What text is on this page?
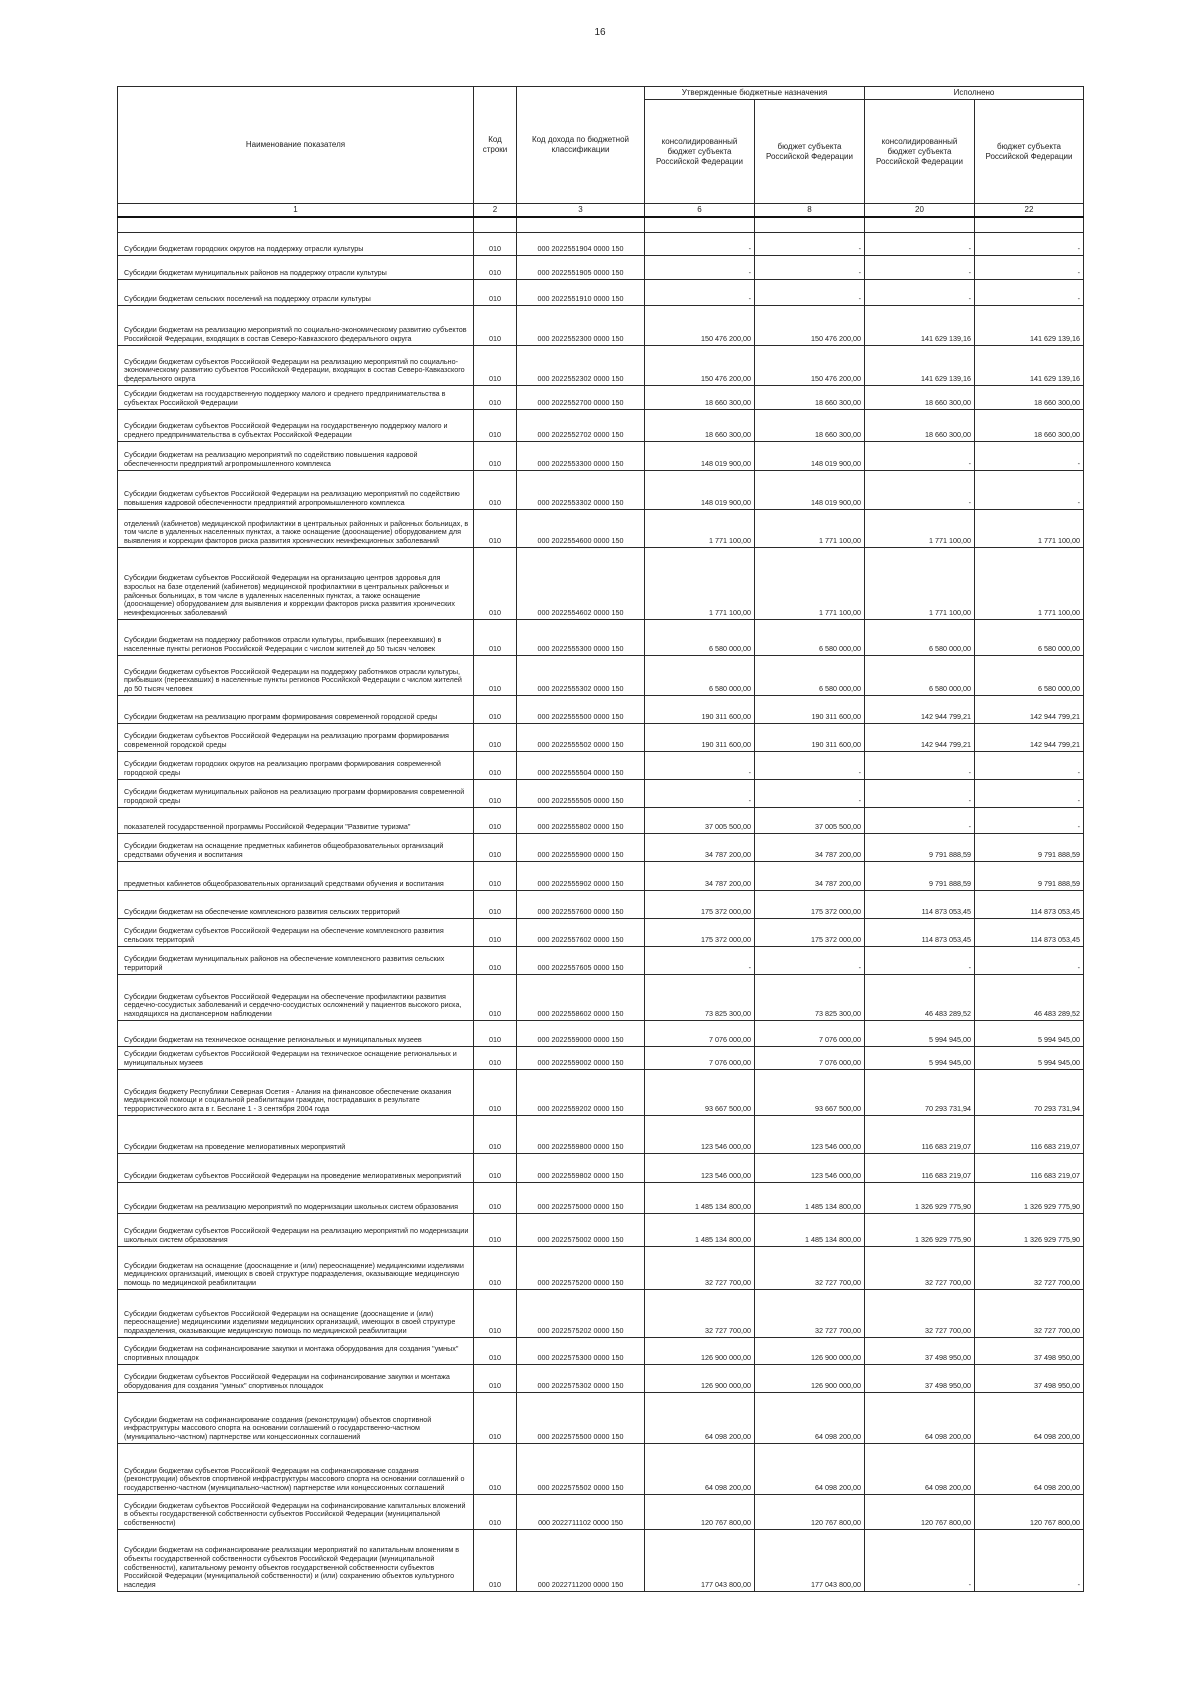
16
Наименование показателя	Код строки	Код дохода по бюджетной классификации	Утвержденные бюджетные назначения		Исполнено	
			консолидированный бюджет субъекта Российской Федерации	бюджет субъекта Российской Федерации	консолидированный бюджет субъекта Российской Федерации	бюджет субъекта Российской Федерации
1	2	3	6	8	20	22

Субсидии бюджетам городских округов на поддержку отрасли культуры	010	000 2022551904 0000 150	-	-	-	-
Субсидии бюджетам муниципальных районов на поддержку отрасли культуры	010	000 2022551905 0000 150	-	-	-	-
Субсидии бюджетам сельских поселений на поддержку отрасли культуры	010	000 2022551910 0000 150	-	-	-	-
Субсидии бюджетам на реализацию мероприятий по социально-экономическому развитию субъектов Российской Федерации, входящих в состав Северо-Кавказского федерального округа	010	000 2022552300 0000 150	150 476 200,00	150 476 200,00	141 629 139,16	141 629 139,16
Субсидии бюджетам субъектов Российской Федерации на реализацию мероприятий по социально-экономическому развитию субъектов Российской Федерации, входящих в состав Северо-Кавказского федерального округа	010	000 2022552302 0000 150	150 476 200,00	150 476 200,00	141 629 139,16	141 629 139,16
Субсидии бюджетам на государственную поддержку малого и среднего предпринимательства в субъектах Российской Федерации	010	000 2022552700 0000 150	18 660 300,00	18 660 300,00	18 660 300,00	18 660 300,00
Субсидии бюджетам субъектов Российской Федерации на государственную поддержку малого и среднего предпринимательства в субъектах Российской Федерации	010	000 2022552702 0000 150	18 660 300,00	18 660 300,00	18 660 300,00	18 660 300,00
Субсидии бюджетам на реализацию мероприятий по содействию повышения кадровой обеспеченности предприятий агропромышленного комплекса	010	000 2022553300 0000 150	148 019 900,00	148 019 900,00	-	-
Субсидии бюджетам субъектов Российской Федерации на реализацию мероприятий по содействию повышения кадровой обеспеченности предприятий агропромышленного комплекса	010	000 2022553302 0000 150	148 019 900,00	148 019 900,00	-	-
отделений (кабинетов) медицинской профилактики в центральных районных и районных больницах, в том числе в удаленных населенных пунктах, а также оснащение (дооснащение) оборудованием для выявления и коррекции факторов риска развития хронических неинфекционных заболеваний	010	000 2022554600 0000 150	1 771 100,00	1 771 100,00	1 771 100,00	1 771 100,00
Субсидии бюджетам субъектов Российской Федерации на организацию центров здоровья для взрослых на базе отделений (кабинетов) медицинской профилактики в центральных районных и районных больницах, в том числе в удаленных населенных пунктах, а также оснащение (дооснащение) оборудованием для выявления и коррекции факторов риска развития хронических неинфекционных заболеваний	010	000 2022554602 0000 150	1 771 100,00	1 771 100,00	1 771 100,00	1 771 100,00
Субсидии бюджетам на поддержку работников отрасли культуры, прибывших (переехавших) в населенные пункты регионов Российской Федерации с числом жителей до 50 тысяч человек	010	000 2022555300 0000 150	6 580 000,00	6 580 000,00	6 580 000,00	6 580 000,00
Субсидии бюджетам субъектов Российской Федерации на поддержку работников отрасли культуры, прибывших (переехавших) в населенные пункты регионов Российской Федерации с числом жителей до 50 тысяч человек	010	000 2022555302 0000 150	6 580 000,00	6 580 000,00	6 580 000,00	6 580 000,00
Субсидии бюджетам на реализацию программ формирования современной городской среды	010	000 2022555500 0000 150	190 311 600,00	190 311 600,00	142 944 799,21	142 944 799,21
Субсидии бюджетам субъектов Российской Федерации на реализацию программ формирования современной городской среды	010	000 2022555502 0000 150	190 311 600,00	190 311 600,00	142 944 799,21	142 944 799,21
Субсидии бюджетам городских округов на реализацию программ формирования современной городской среды	010	000 2022555504 0000 150	-	-	-	-
Субсидии бюджетам муниципальных районов на реализацию программ формирования современной городской среды	010	000 2022555505 0000 150	-	-	-	-
показателей государственной программы Российской Федерации "Развитие туризма"	010	000 2022555802 0000 150	37 005 500,00	37 005 500,00	-	-
Субсидии бюджетам на оснащение предметных кабинетов общеобразовательных организаций средствами обучения и воспитания	010	000 2022555900 0000 150	34 787 200,00	34 787 200,00	9 791 888,59	9 791 888,59
предметных кабинетов общеобразовательных организаций средствами обучения и воспитания	010	000 2022555902 0000 150	34 787 200,00	34 787 200,00	9 791 888,59	9 791 888,59
Субсидии бюджетам на обеспечение комплексного развития сельских территорий	010	000 2022557600 0000 150	175 372 000,00	175 372 000,00	114 873 053,45	114 873 053,45
Субсидии бюджетам субъектов Российской Федерации на обеспечение комплексного развития сельских территорий	010	000 2022557602 0000 150	175 372 000,00	175 372 000,00	114 873 053,45	114 873 053,45
Субсидии бюджетам муниципальных районов на обеспечение комплексного развития сельских территорий	010	000 2022557605 0000 150	-	-	-	-
Субсидии бюджетам субъектов Российской Федерации на обеспечение профилактики развития сердечно-сосудистых заболеваний и сердечно-сосудистых осложнений у пациентов высокого риска, находящихся на диспансерном наблюдении	010	000 2022558602 0000 150	73 825 300,00	73 825 300,00	46 483 289,52	46 483 289,52
Субсидии бюджетам на техническое оснащение региональных и муниципальных музеев	010	000 2022559000 0000 150	7 076 000,00	7 076 000,00	5 994 945,00	5 994 945,00
Субсидии бюджетам субъектов Российской Федерации на техническое оснащение региональных и муниципальных музеев	010	000 2022559002 0000 150	7 076 000,00	7 076 000,00	5 994 945,00	5 994 945,00
Субсидия бюджету Республики Северная Осетия - Алания на финансовое обеспечение оказания медицинской помощи и социальной реабилитации граждан, пострадавших в результате террористического акта в г. Беслане 1 - 3 сентября 2004 года	010	000 2022559202 0000 150	93 667 500,00	93 667 500,00	70 293 731,94	70 293 731,94
Субсидии бюджетам на проведение мелиоративных мероприятий	010	000 2022559800 0000 150	123 546 000,00	123 546 000,00	116 683 219,07	116 683 219,07
Субсидии бюджетам субъектов Российской Федерации на проведение мелиоративных мероприятий	010	000 2022559802 0000 150	123 546 000,00	123 546 000,00	116 683 219,07	116 683 219,07
Субсидии бюджетам на реализацию мероприятий по модернизации школьных систем образования	010	000 2022575000 0000 150	1 485 134 800,00	1 485 134 800,00	1 326 929 775,90	1 326 929 775,90
Субсидии бюджетам субъектов Российской Федерации на реализацию мероприятий по модернизации школьных систем образования	010	000 2022575002 0000 150	1 485 134 800,00	1 485 134 800,00	1 326 929 775,90	1 326 929 775,90
Субсидии бюджетам на оснащение (дооснащение и (или) переоснащение) медицинскими изделиями медицинских организаций, имеющих в своей структуре подразделения, оказывающие медицинскую помощь по медицинской реабилитации	010	000 2022575200 0000 150	32 727 700,00	32 727 700,00	32 727 700,00	32 727 700,00
Субсидии бюджетам субъектов Российской Федерации на оснащение (дооснащение и (или) переоснащение) медицинскими изделиями медицинских организаций, имеющих в своей структуре подразделения, оказывающие медицинскую помощь по медицинской реабилитации	010	000 2022575202 0000 150	32 727 700,00	32 727 700,00	32 727 700,00	32 727 700,00
Субсидии бюджетам на софинансирование закупки и монтажа оборудования для создания "умных" спортивных площадок	010	000 2022575300 0000 150	126 900 000,00	126 900 000,00	37 498 950,00	37 498 950,00
Субсидии бюджетам субъектов Российской Федерации на софинансирование закупки и монтажа оборудования для создания "умных" спортивных площадок	010	000 2022575302 0000 150	126 900 000,00	126 900 000,00	37 498 950,00	37 498 950,00
Субсидии бюджетам на софинансирование создания (реконструкции) объектов спортивной инфраструктуры массового спорта на основании соглашений о государственно-частном (муниципально-частном) партнерстве или концессионных соглашений	010	000 2022575500 0000 150	64 098 200,00	64 098 200,00	64 098 200,00	64 098 200,00
Субсидии бюджетам субъектов Российской Федерации на софинансирование создания (реконструкции) объектов спортивной инфраструктуры массового спорта на основании соглашений о государственно-частном (муниципально-частном) партнерстве или концессионных соглашений	010	000 2022575502 0000 150	64 098 200,00	64 098 200,00	64 098 200,00	64 098 200,00
Субсидии бюджетам субъектов Российской Федерации на софинансирование капитальных вложений в объекты государственной собственности субъектов Российской Федерации (муниципальной собственности)	010	000 2022711102 0000 150	120 767 800,00	120 767 800,00	120 767 800,00	120 767 800,00
Субсидии бюджетам на софинансирование реализации мероприятий по капитальным вложениям в объекты государственной собственности субъектов Российской Федерации (муниципальной собственности), капитальному ремонту объектов государственной собственности субъектов Российской Федерации (муниципальной собственности) и (или) сохранению объектов культурного наследия	010	000 2022711200 0000 150	177 043 800,00	177 043 800,00	-	-
